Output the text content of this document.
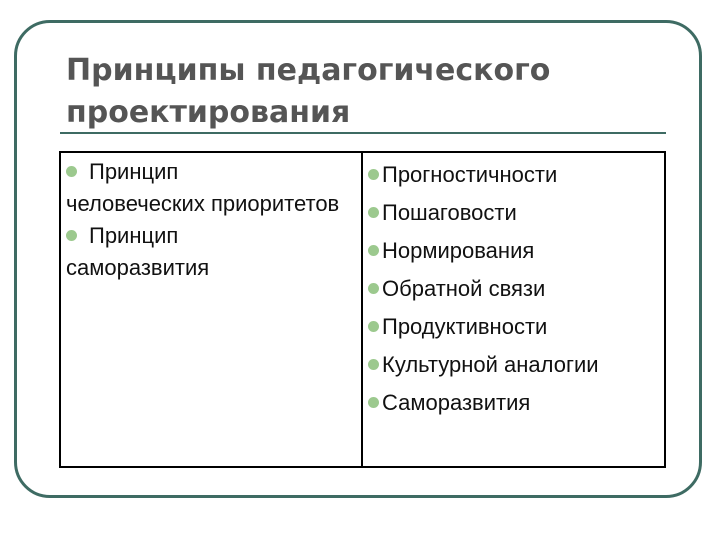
Принципы педагогического проектирования
Принцип
человеческих приоритетов
Принцип
саморазвития
Прогностичности
Пошаговости
Нормирования
Обратной связи
Продуктивности
Культурной аналогии
Саморазвития
